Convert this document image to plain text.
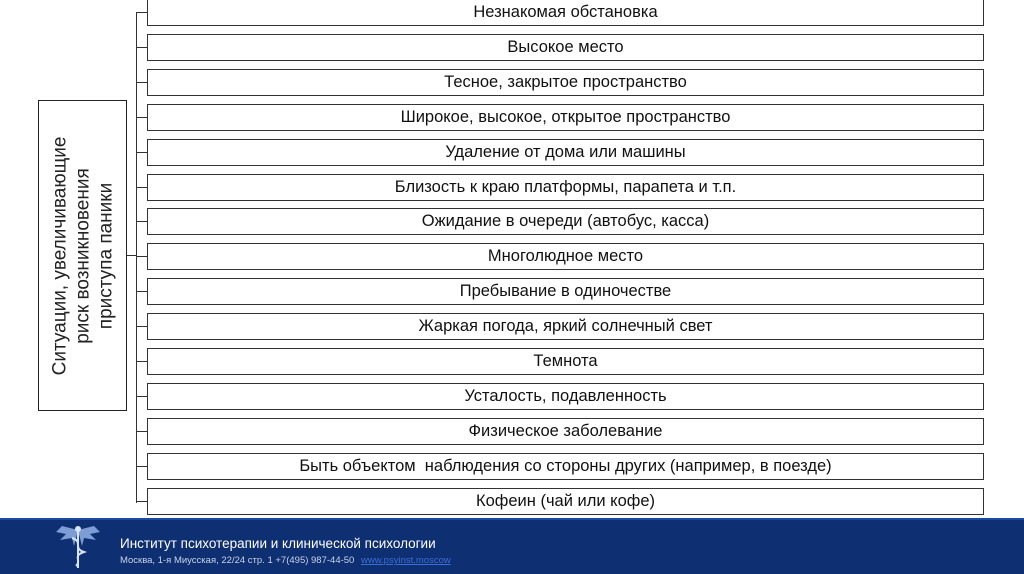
Ситуации, увеличивающие риск возникновения приступа паники
Незнакомая обстановка
Высокое место
Тесное, закрытое пространство
Широкое, высокое, открытое пространство
Удаление от дома или машины
Близость к краю платформы, парапета и т.п.
Ожидание в очереди (автобус, касса)
Многолюдное место
Пребывание в одиночестве
Жаркая погода, яркий солнечный свет
Темнота
Усталость, подавленность
Физическое заболевание
Быть объектом  наблюдения со стороны других (например, в поезде)
Кофеин (чай или кофе)
Институт психотерапии и клинической психологии
Москва, 1-я Миусская, 22/24 стр. 1 +7(495) 987-44-50 www.psyinst.moscow
